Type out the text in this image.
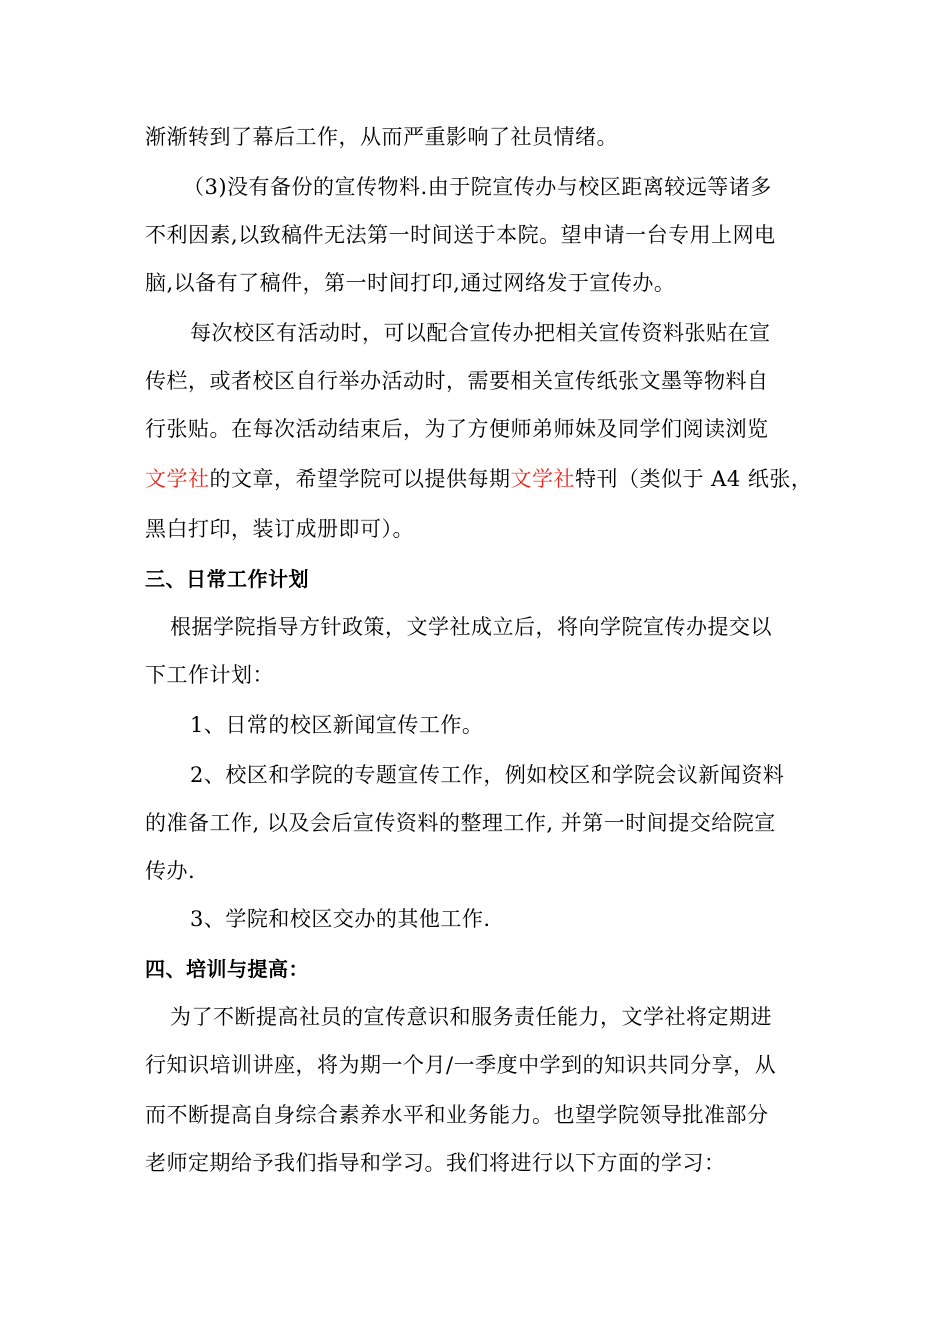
渐渐转到了幕后工作，从而严重影响了社员情绪。
（3)没有备份的宣传物料.由于院宣传办与校区距离较远等诸多
不利因素,以致稿件无法第一时间送于本院。望申请一台专用上网电
脑,以备有了稿件，第一时间打印,通过网络发于宣传办。
每次校区有活动时，可以配合宣传办把相关宣传资料张贴在宣
传栏，或者校区自行举办活动时，需要相关宣传纸张文墨等物料自
行张贴。在每次活动结束后，为了方便师弟师妹及同学们阅读浏览
文学社的文章，希望学院可以提供每期文学社特刊（类似于 A4 纸张，
黑白打印，装订成册即可）。
三、日常工作计划
根据学院指导方针政策，文学社成立后，将向学院宣传办提交以
下工作计划：
1、日常的校区新闻宣传工作。
2、校区和学院的专题宣传工作，例如校区和学院会议新闻资料
的准备工作, 以及会后宣传资料的整理工作, 并第一时间提交给院宣
传办.
3、学院和校区交办的其他工作.
四、培训与提高：
为了不断提高社员的宣传意识和服务责任能力，文学社将定期进
行知识培训讲座，将为期一个月/一季度中学到的知识共同分享，从
而不断提高自身综合素养水平和业务能力。也望学院领导批准部分
老师定期给予我们指导和学习。我们将进行以下方面的学习：
